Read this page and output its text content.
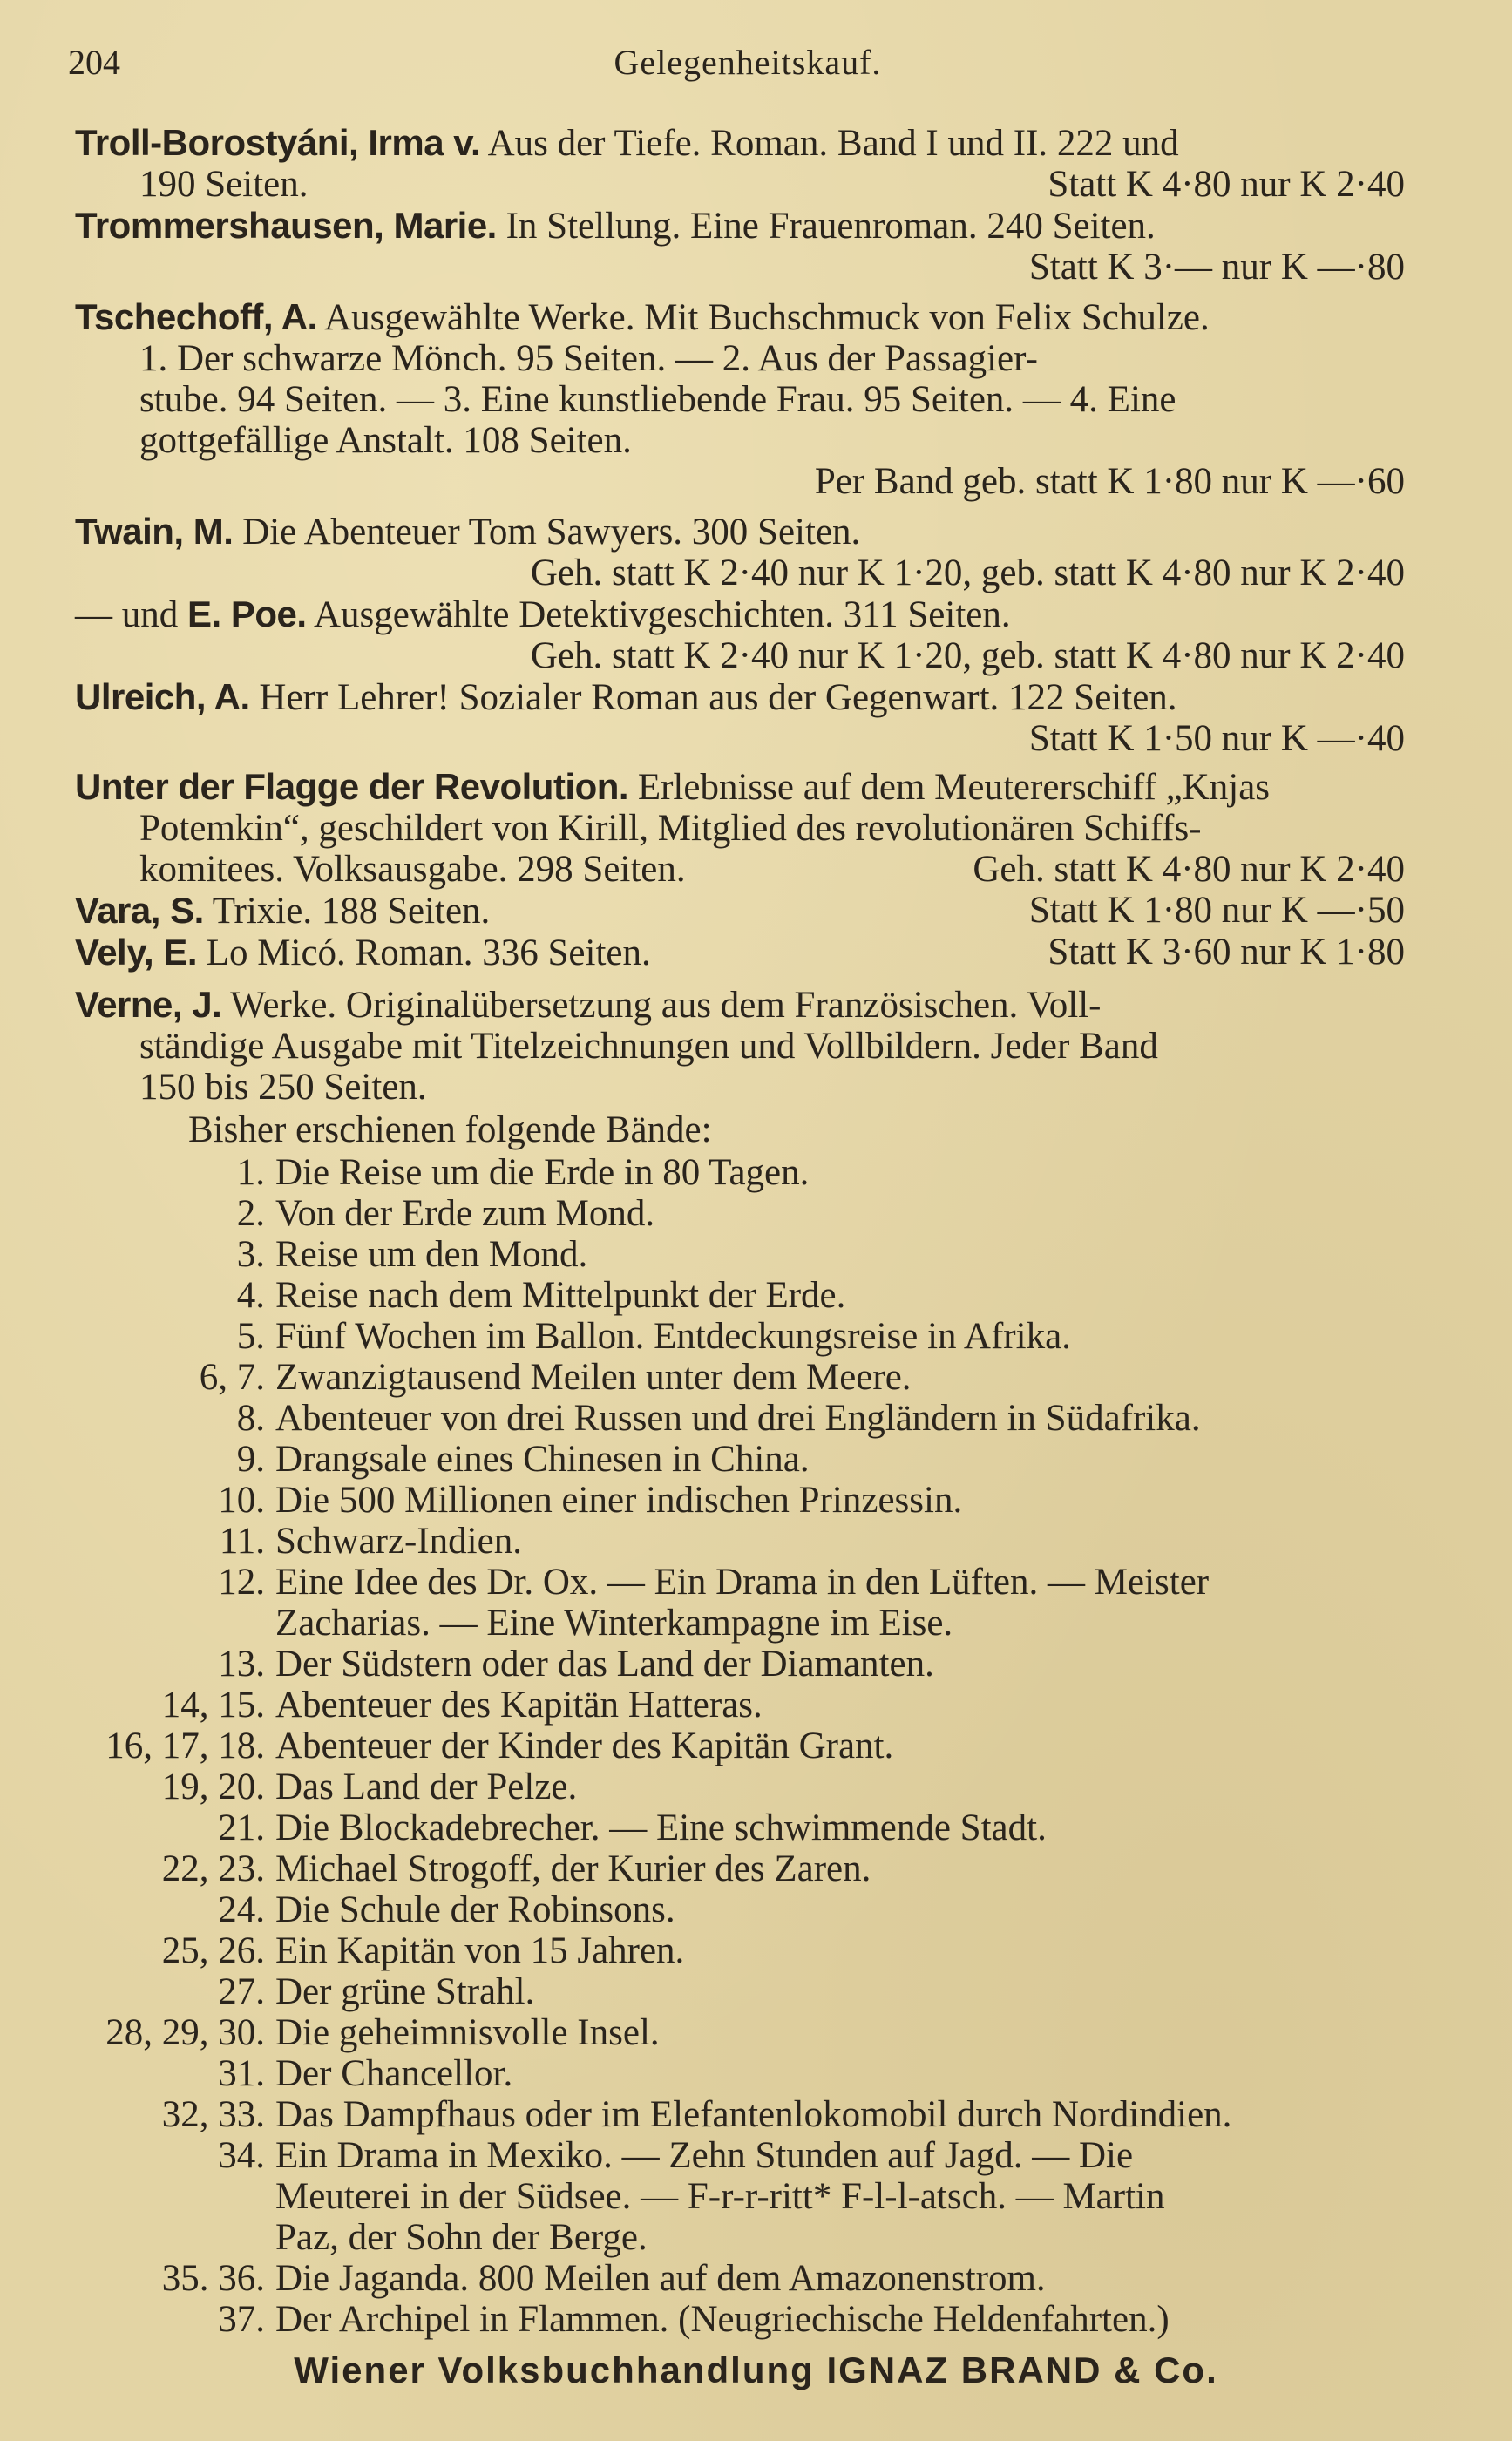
204	Gelegenheitskauf.
Troll-Borostyáni, Irma v. Aus der Tiefe. Roman. Band I und II. 222 und
190 Seiten.	Statt K 4·80 nur K 2·40
Trommershausen, Marie. In Stellung. Eine Frauenroman. 240 Seiten.
Statt K 3·— nur K —·80
Tschechoff, A. Ausgewählte Werke. Mit Buchschmuck von Felix Schulze.
1. Der schwarze Mönch. 95 Seiten. — 2. Aus der Passagier-
stube. 94 Seiten. — 3. Eine kunstliebende Frau. 95 Seiten. — 4. Eine
gottgefällige Anstalt. 108 Seiten.
Per Band geb. statt K 1·80 nur K —·60
Twain, M. Die Abenteuer Tom Sawyers. 300 Seiten.
Geh. statt K 2·40 nur K 1·20, geb. statt K 4·80 nur K 2·40
— und E. Poe. Ausgewählte Detektivgeschichten. 311 Seiten.
Geh. statt K 2·40 nur K 1·20, geb. statt K 4·80 nur K 2·40
Ulreich, A. Herr Lehrer! Sozialer Roman aus der Gegenwart. 122 Seiten.
Statt K 1·50 nur K —·40
Unter der Flagge der Revolution. Erlebnisse auf dem Meutererschiff „Knjas
Potemkin“, geschildert von Kirill, Mitglied des revolutionären Schiffs-
komitees. Volksausgabe. 298 Seiten.	Geh. statt K 4·80 nur K 2·40
Vara, S. Trixie. 188 Seiten.	Statt K 1·80 nur K —·50
Vely, E. Lo Micó. Roman. 336 Seiten.	Statt K 3·60 nur K 1·80
Verne, J. Werke. Originalübersetzung aus dem Französischen. Voll-
ständige Ausgabe mit Titelzeichnungen und Vollbildern. Jeder Band
150 bis 250 Seiten.
Bisher erschienen folgende Bände:
1. Die Reise um die Erde in 80 Tagen.
2. Von der Erde zum Mond.
3. Reise um den Mond.
4. Reise nach dem Mittelpunkt der Erde.
5. Fünf Wochen im Ballon. Entdeckungsreise in Afrika.
6, 7. Zwanzigtausend Meilen unter dem Meere.
8. Abenteuer von drei Russen und drei Engländern in Südafrika.
9. Drangsale eines Chinesen in China.
10. Die 500 Millionen einer indischen Prinzessin.
11. Schwarz-Indien.
12. Eine Idee des Dr. Ox. — Ein Drama in den Lüften. — Meister
Zacharias. — Eine Winterkampagne im Eise.
13. Der Südstern oder das Land der Diamanten.
14, 15. Abenteuer des Kapitän Hatteras.
16, 17, 18. Abenteuer der Kinder des Kapitän Grant.
19, 20. Das Land der Pelze.
21. Die Blockadebrecher. — Eine schwimmende Stadt.
22, 23. Michael Strogoff, der Kurier des Zaren.
24. Die Schule der Robinsons.
25, 26. Ein Kapitän von 15 Jahren.
27. Der grüne Strahl.
28, 29, 30. Die geheimnisvolle Insel.
31. Der Chancellor.
32, 33. Das Dampfhaus oder im Elefantenlokomobil durch Nordindien.
34. Ein Drama in Mexiko. — Zehn Stunden auf Jagd. — Die
Meuterei in der Südsee. — F-r-r-ritt* F-l-l-atsch. — Martin
Paz, der Sohn der Berge.
35. 36. Die Jaganda. 800 Meilen auf dem Amazonenstrom.
37. Der Archipel in Flammen. (Neugriechische Heldenfahrten.)
Wiener Volksbuchhandlung IGNAZ BRAND & Co.
